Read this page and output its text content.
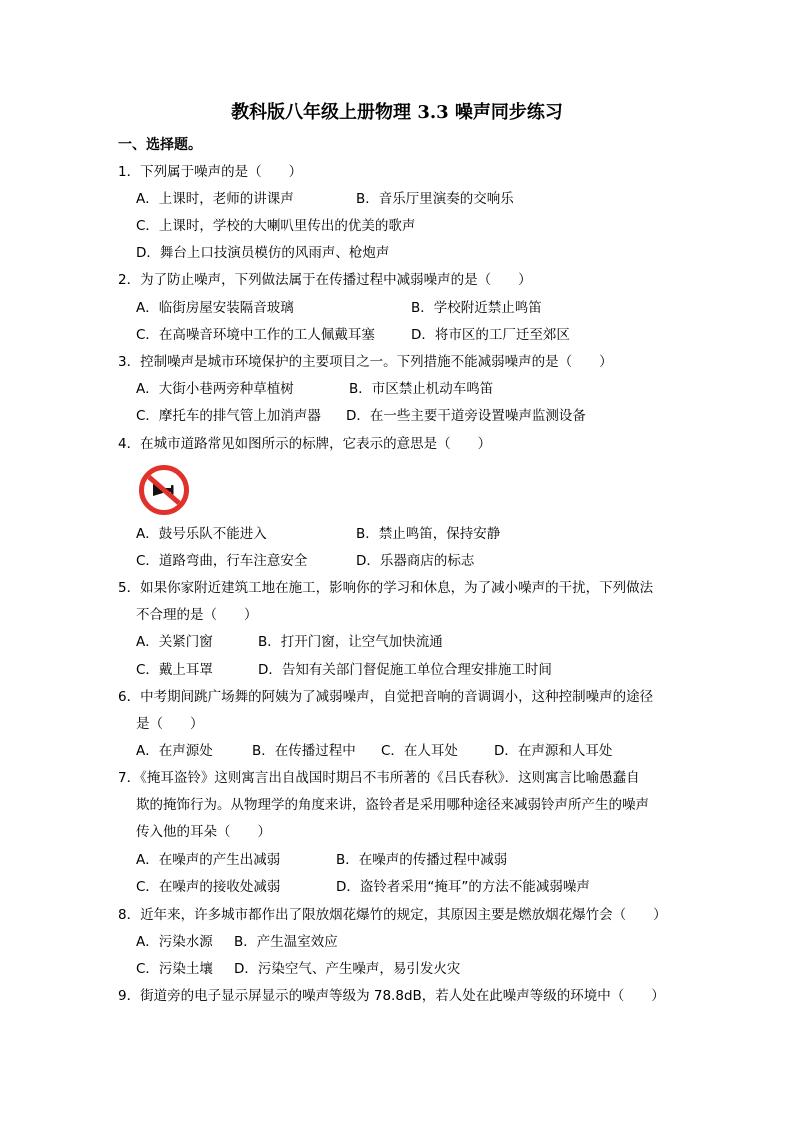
教科版八年级上册物理 3.3 噪声同步练习
一、选择题。
1．下列属于噪声的是（　　）
A．上课时，老师的讲课声	B．音乐厅里演奏的交响乐
C．上课时，学校的大喇叭里传出的优美的歌声
D．舞台上口技演员模仿的风雨声、枪炮声
2．为了防止噪声，下列做法属于在传播过程中减弱噪声的是（　　）
A．临街房屋安装隔音玻璃	B．学校附近禁止鸣笛
C．在高噪音环境中工作的工人佩戴耳塞	D．将市区的工厂迁至郊区
3．控制噪声是城市环境保护的主要项目之一。下列措施不能减弱噪声的是（　　）
A．大街小巷两旁种草植树	B．市区禁止机动车鸣笛
C．摩托车的排气管上加消声器 D．在一些主要干道旁设置噪声监测设备
4．在城市道路常见如图所示的标牌，它表示的意思是（　　）
A．鼓号乐队不能进入	B．禁止鸣笛，保持安静
C．道路弯曲，行车注意安全	D．乐器商店的标志
5．如果你家附近建筑工地在施工，影响你的学习和休息，为了减小噪声的干扰，下列做法
不合理的是（　　）
A．关紧门窗	B．打开门窗，让空气加快流通
C．戴上耳罩	D．告知有关部门督促施工单位合理安排施工时间
6．中考期间跳广场舞的阿姨为了减弱噪声，自觉把音响的音调调小，这种控制噪声的途径
是（　　）
A．在声源处	B．在传播过程中 C．在人耳处	D．在声源和人耳处
7．《掩耳盗铃》这则寓言出自战国时期吕不韦所著的《吕氏春秋》．这则寓言比喻愚蠢自
欺的掩饰行为。从物理学的角度来讲，盗铃者是采用哪种途径来减弱铃声所产生的噪声
传入他的耳朵（　　）
A．在噪声的产生出减弱	B．在噪声的传播过程中减弱
C．在噪声的接收处减弱	D．盗铃者采用“掩耳”的方法不能减弱噪声
8．近年来，许多城市都作出了限放烟花爆竹的规定，其原因主要是燃放烟花爆竹会（　　）
A．污染水源 B．产生温室效应
C．污染土壤 D．污染空气、产生噪声，易引发火灾
9．街道旁的电子显示屏显示的噪声等级为 78.8dB，若人处在此噪声等级的环境中（　　）
